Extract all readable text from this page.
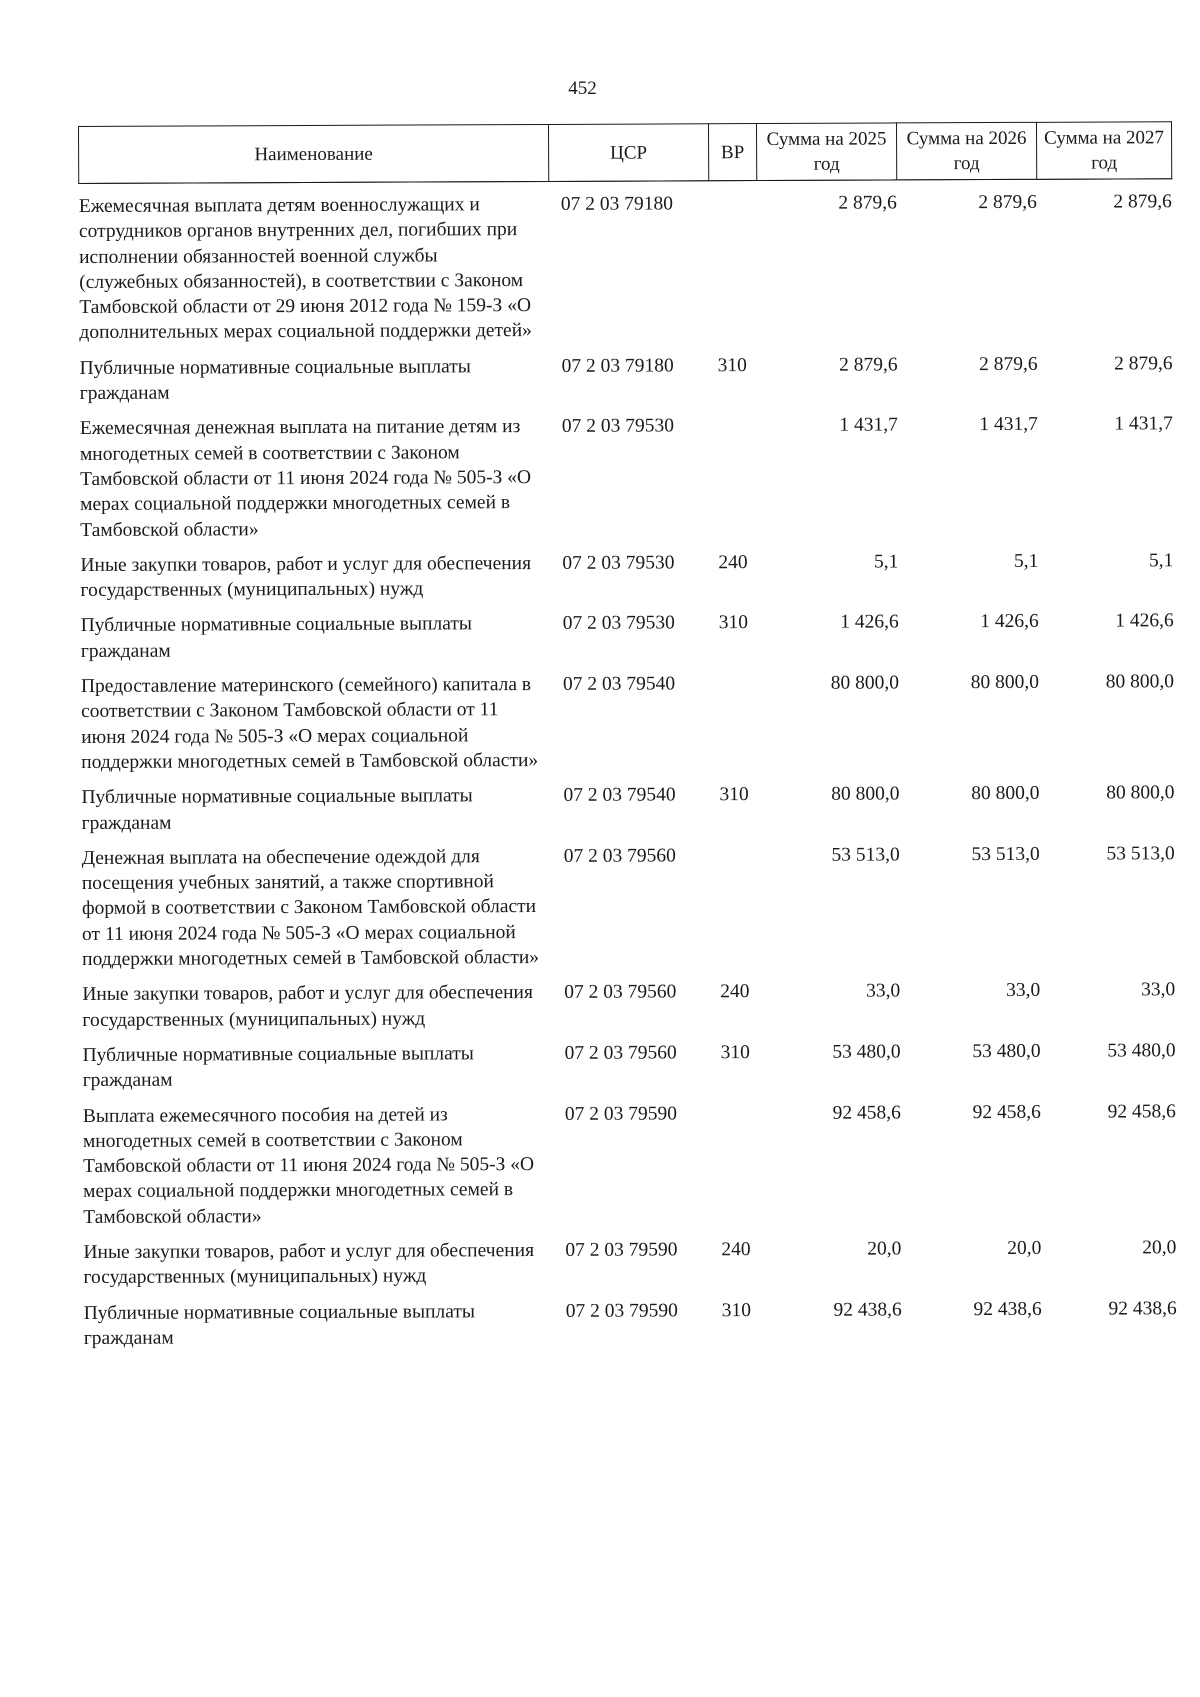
452
Наименование	ЦСР	ВР	Сумма на 2025 год	Сумма на 2026 год	Сумма на 2027 год
Ежемесячная выплата детям военнослужащих и сотрудников органов внутренних дел, погибших при исполнении обязанностей военной службы (служебных обязанностей), в соответствии с Законом Тамбовской области от 29 июня 2012 года № 159-З «О дополнительных мерах социальной поддержки детей»	07 2 03 79180		2 879,6	2 879,6	2 879,6
Публичные нормативные социальные выплаты гражданам	07 2 03 79180	310	2 879,6	2 879,6	2 879,6
Ежемесячная денежная выплата на питание детям из многодетных семей в соответствии с Законом Тамбовской области от 11 июня 2024 года № 505-З «О мерах социальной поддержки многодетных семей в Тамбовской области»	07 2 03 79530		1 431,7	1 431,7	1 431,7
Иные закупки товаров, работ и услуг для обеспечения государственных (муниципальных) нужд	07 2 03 79530	240	5,1	5,1	5,1
Публичные нормативные социальные выплаты гражданам	07 2 03 79530	310	1 426,6	1 426,6	1 426,6
Предоставление материнского (семейного) капитала в соответствии с Законом Тамбовской области от 11 июня 2024 года № 505-З «О мерах социальной поддержки многодетных семей в Тамбовской области»	07 2 03 79540		80 800,0	80 800,0	80 800,0
Публичные нормативные социальные выплаты гражданам	07 2 03 79540	310	80 800,0	80 800,0	80 800,0
Денежная выплата на обеспечение одеждой для посещения учебных занятий, а также спортивной формой в соответствии с Законом Тамбовской области от 11 июня 2024 года № 505-З «О мерах социальной поддержки многодетных семей в Тамбовской области»	07 2 03 79560		53 513,0	53 513,0	53 513,0
Иные закупки товаров, работ и услуг для обеспечения государственных (муниципальных) нужд	07 2 03 79560	240	33,0	33,0	33,0
Публичные нормативные социальные выплаты гражданам	07 2 03 79560	310	53 480,0	53 480,0	53 480,0
Выплата ежемесячного пособия на детей из многодетных семей в соответствии с Законом Тамбовской области от 11 июня 2024 года № 505-З «О мерах социальной поддержки многодетных семей в Тамбовской области»	07 2 03 79590		92 458,6	92 458,6	92 458,6
Иные закупки товаров, работ и услуг для обеспечения государственных (муниципальных) нужд	07 2 03 79590	240	20,0	20,0	20,0
Публичные нормативные социальные выплаты гражданам	07 2 03 79590	310	92 438,6	92 438,6	92 438,6
